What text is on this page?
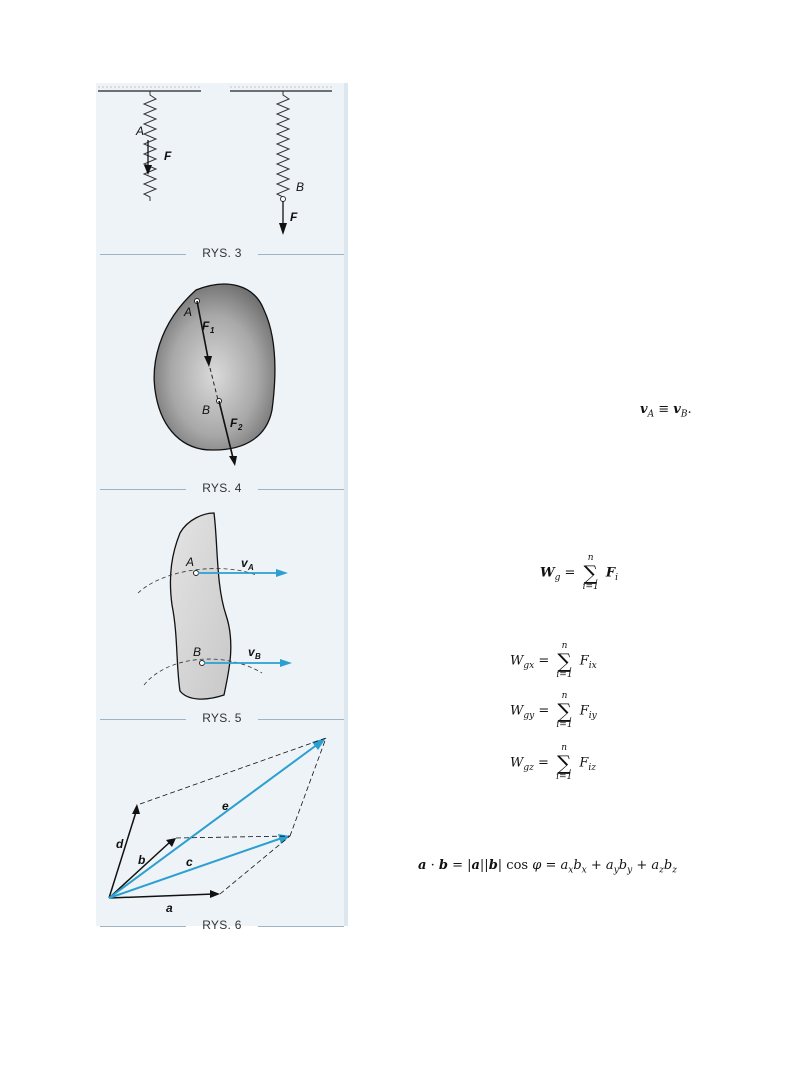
A
F
B
F
RYS. 3
A
F 1
B
F 2
RYS. 4
A	v A
B	v B
RYS. 5
a
b	c
d
e
RYS. 6
$v_A \equiv v_B$.
$W_g$ =
n
∑
i=1
$F_i$
$W_{gx}$ =
n
∑
i=1
$F_{ix}$
$W_{gy}$ =
n
∑
i=1
$F_{iy}$
$W_{gz}$ =
n
∑
i=1
$F_{iz}$
a · b = |a||b| $\cos \varphi = a_xb_x + a_yb_y + a_zb_z$
